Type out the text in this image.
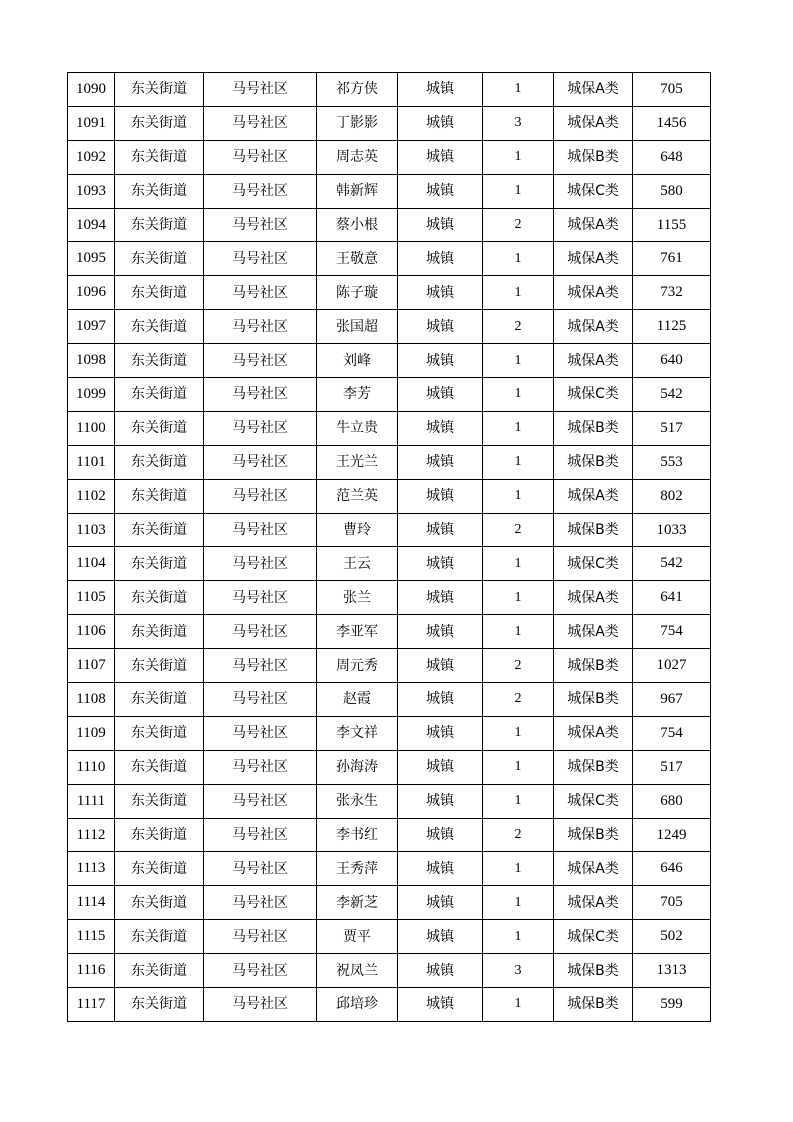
1090	东关街道	马号社区	祁方侠	城镇	1	城保A类	705
1091	东关街道	马号社区	丁影影	城镇	3	城保A类	1456
1092	东关街道	马号社区	周志英	城镇	1	城保B类	648
1093	东关街道	马号社区	韩新辉	城镇	1	城保C类	580
1094	东关街道	马号社区	蔡小根	城镇	2	城保A类	1155
1095	东关街道	马号社区	王敬意	城镇	1	城保A类	761
1096	东关街道	马号社区	陈子璇	城镇	1	城保A类	732
1097	东关街道	马号社区	张国超	城镇	2	城保A类	1125
1098	东关街道	马号社区	刘峰	城镇	1	城保A类	640
1099	东关街道	马号社区	李芳	城镇	1	城保C类	542
1100	东关街道	马号社区	牛立贵	城镇	1	城保B类	517
1101	东关街道	马号社区	王光兰	城镇	1	城保B类	553
1102	东关街道	马号社区	范兰英	城镇	1	城保A类	802
1103	东关街道	马号社区	曹玲	城镇	2	城保B类	1033
1104	东关街道	马号社区	王云	城镇	1	城保C类	542
1105	东关街道	马号社区	张兰	城镇	1	城保A类	641
1106	东关街道	马号社区	李亚军	城镇	1	城保A类	754
1107	东关街道	马号社区	周元秀	城镇	2	城保B类	1027
1108	东关街道	马号社区	赵霞	城镇	2	城保B类	967
1109	东关街道	马号社区	李文祥	城镇	1	城保A类	754
1110	东关街道	马号社区	孙海涛	城镇	1	城保B类	517
1111	东关街道	马号社区	张永生	城镇	1	城保C类	680
1112	东关街道	马号社区	李书红	城镇	2	城保B类	1249
1113	东关街道	马号社区	王秀萍	城镇	1	城保A类	646
1114	东关街道	马号社区	李新芝	城镇	1	城保A类	705
1115	东关街道	马号社区	贾平	城镇	1	城保C类	502
1116	东关街道	马号社区	祝凤兰	城镇	3	城保B类	1313
1117	东关街道	马号社区	邱培珍	城镇	1	城保B类	599
